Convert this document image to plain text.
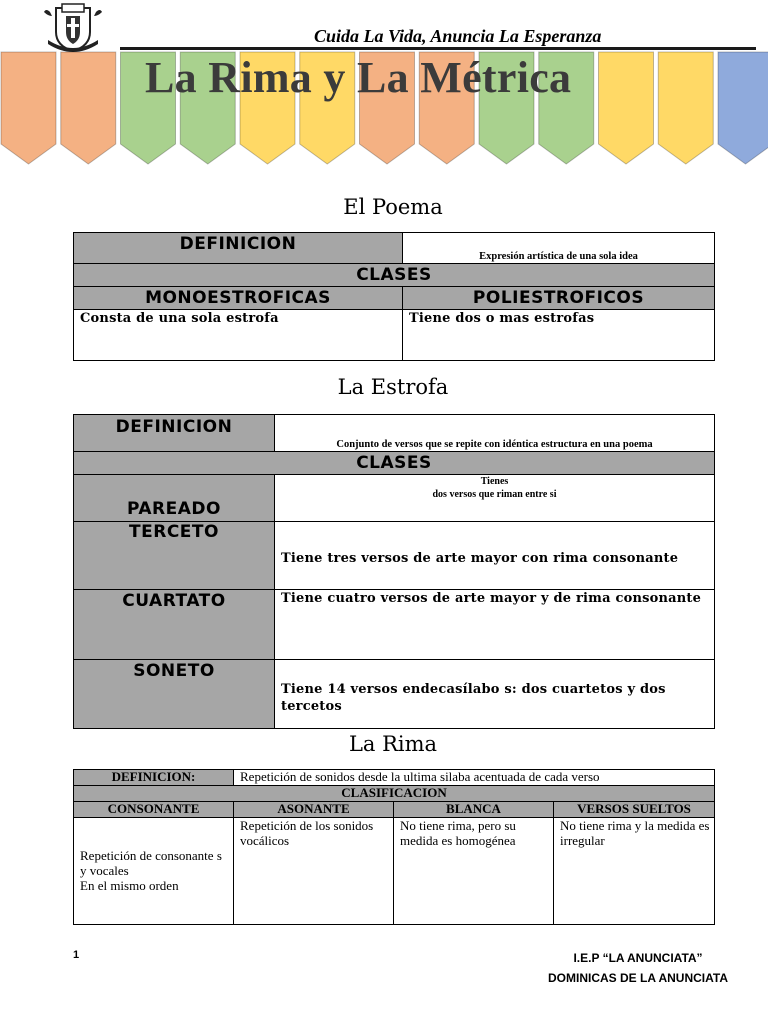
Cuida La Vida, Anuncia La Esperanza
La Rima y La Métrica
El Poema
DEFINICION	Expresión artística de una sola idea
CLASES	
MONOESTROFICAS	POLIESTROFICOS
Consta de una sola estrofa	Tiene dos o mas estrofas
La Estrofa
DEFINICION	Conjunto de versos que se repite con idéntica estructura en una poema
CLASES	
PAREADO	Tienes
dos versos que riman entre si

TERCETO	Tiene tres versos de arte mayor con rima consonante
CUARTATO	Tiene cuatro versos de arte mayor y de rima consonante
SONETO	Tiene 14 versos endecasílabo s: dos cuartetos y dos tercetos
La Rima
DEFINICION:	Repetición de sonidos desde la ultima silaba acentuada de cada verso		
CLASIFICACION			
CONSONANTE	ASONANTE	BLANCA	VERSOS SUELTOS
Repetición de consonante s y vocales
En el mismo orden	Repetición de los sonidos vocálicos	No tiene rima, pero su medida es homogénea	No tiene rima y la medida es irregular
1	I.E.P “LA ANUNCIATA”
DOMINICAS DE LA ANUNCIATA
